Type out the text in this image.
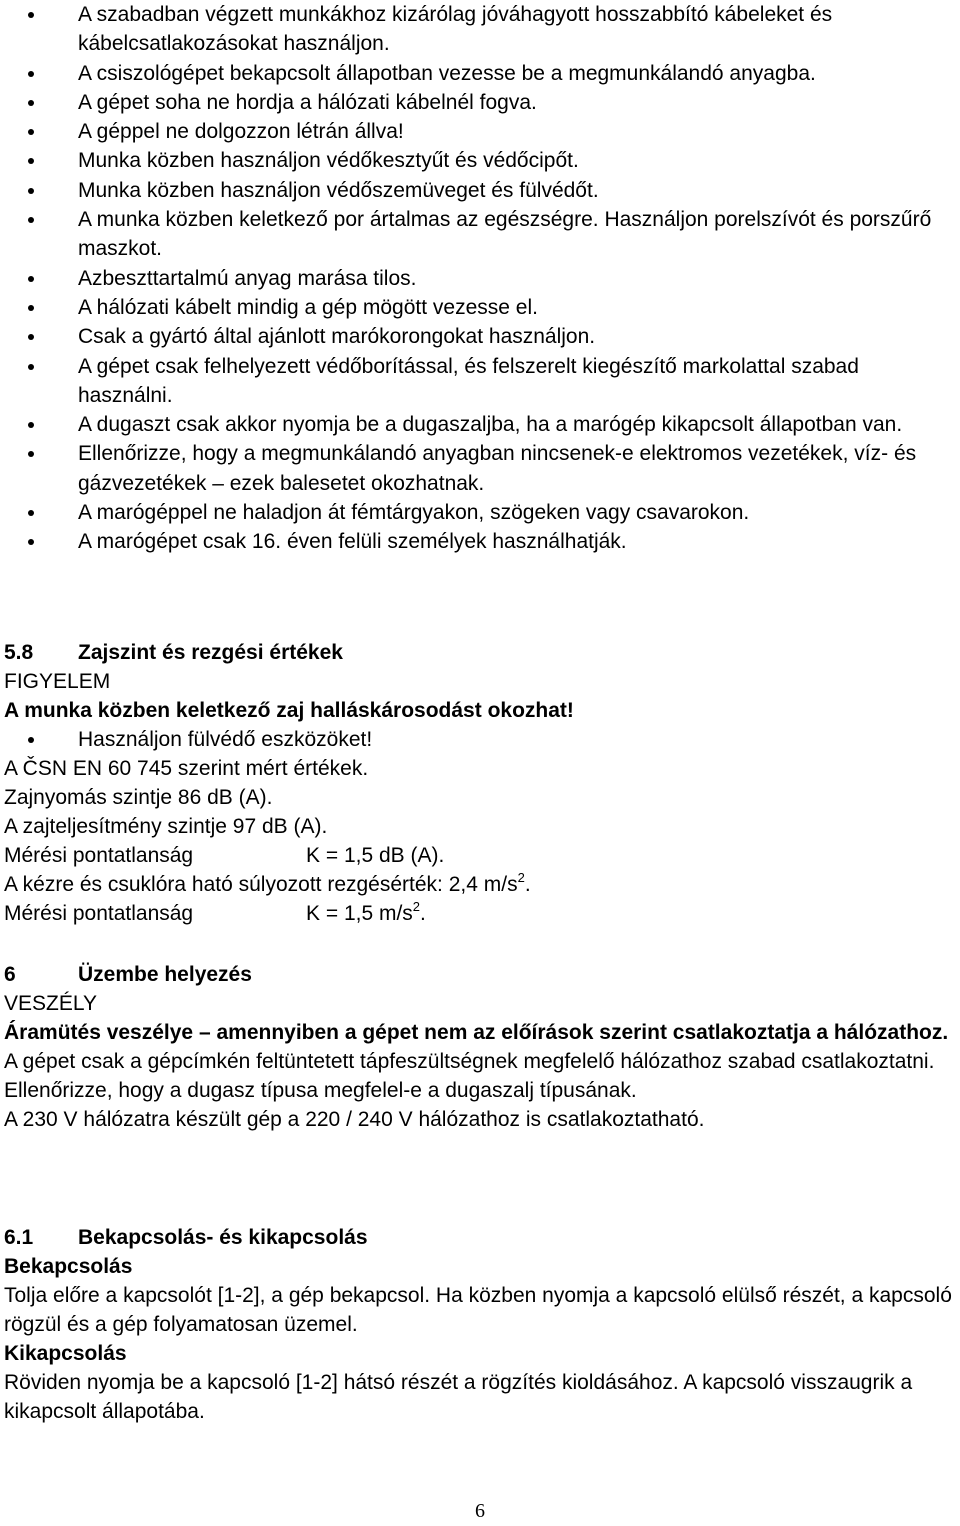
A szabadban végzett munkákhoz kizárólag jóváhagyott hosszabbító kábeleket és kábelcsatlakozásokat használjon.
A csiszológépet bekapcsolt állapotban vezesse be a megmunkálandó anyagba.
A gépet soha ne hordja a hálózati kábelnél fogva.
A géppel ne dolgozzon létrán állva!
Munka közben használjon védőkesztyűt és védőcipőt.
Munka közben használjon védőszemüveget és fülvédőt.
A munka közben keletkező por ártalmas az egészségre. Használjon porelszívót és porszűrő maszkot.
Azbeszttartalmú anyag marása tilos.
A hálózati kábelt mindig a gép mögött vezesse el.
Csak a gyártó által ajánlott marókorongokat használjon.
A gépet csak felhelyezett védőborítással, és felszerelt kiegészítő markolattal szabad használni.
A dugaszt csak akkor nyomja be a dugaszaljba, ha a marógép kikapcsolt állapotban van.
Ellenőrizze, hogy a megmunkálandó anyagban nincsenek-e elektromos vezetékek, víz- és gázvezetékek – ezek balesetet okozhatnak.
A marógéppel ne haladjon át fémtárgyakon, szögeken vagy csavarokon.
A marógépet csak 16. éven felüli személyek használhatják.
5.8	Zajszint és rezgési értékek

FIGYELEM

A munka közben keletkező zaj halláskárosodást okozhat!

Használjon fülvédő eszközöket!

A ČSN EN 60 745 szerint mért értékek.

Zajnyomás szintje 86 dB (A).

A zajteljesítmény szintje 97 dB (A).

Mérési pontatlanság	K = 1,5 dB (A).

A kézre és csuklóra ható súlyozott rezgésérték: 2,4 $m/s^2$.

Mérési pontatlanság	K = 1,5 $m/s^2$.
6	Üzembe helyezés

VESZÉLY

Áramütés veszélye – amennyiben a gépet nem az előírások szerint csatlakoztatja a hálózathoz.

A gépet csak a gépcímkén feltüntetett tápfeszültségnek megfelelő hálózathoz szabad csatlakoztatni.

Ellenőrizze, hogy a dugasz típusa megfelel-e a dugaszalj típusának.

A 230 V hálózatra készült gép a 220 / 240 V hálózathoz is csatlakoztatható.

6.1	Bekapcsolás- és kikapcsolás

Bekapcsolás

Tolja előre a kapcsolót [1-2], a gép bekapcsol. Ha közben nyomja a kapcsoló elülső részét, a kapcsoló rögzül és a gép folyamatosan üzemel.

Kikapcsolás

Röviden nyomja be a kapcsoló [1-2] hátsó részét a rögzítés kioldásához. A kapcsoló visszaugrik a kikapcsolt állapotába.

6
